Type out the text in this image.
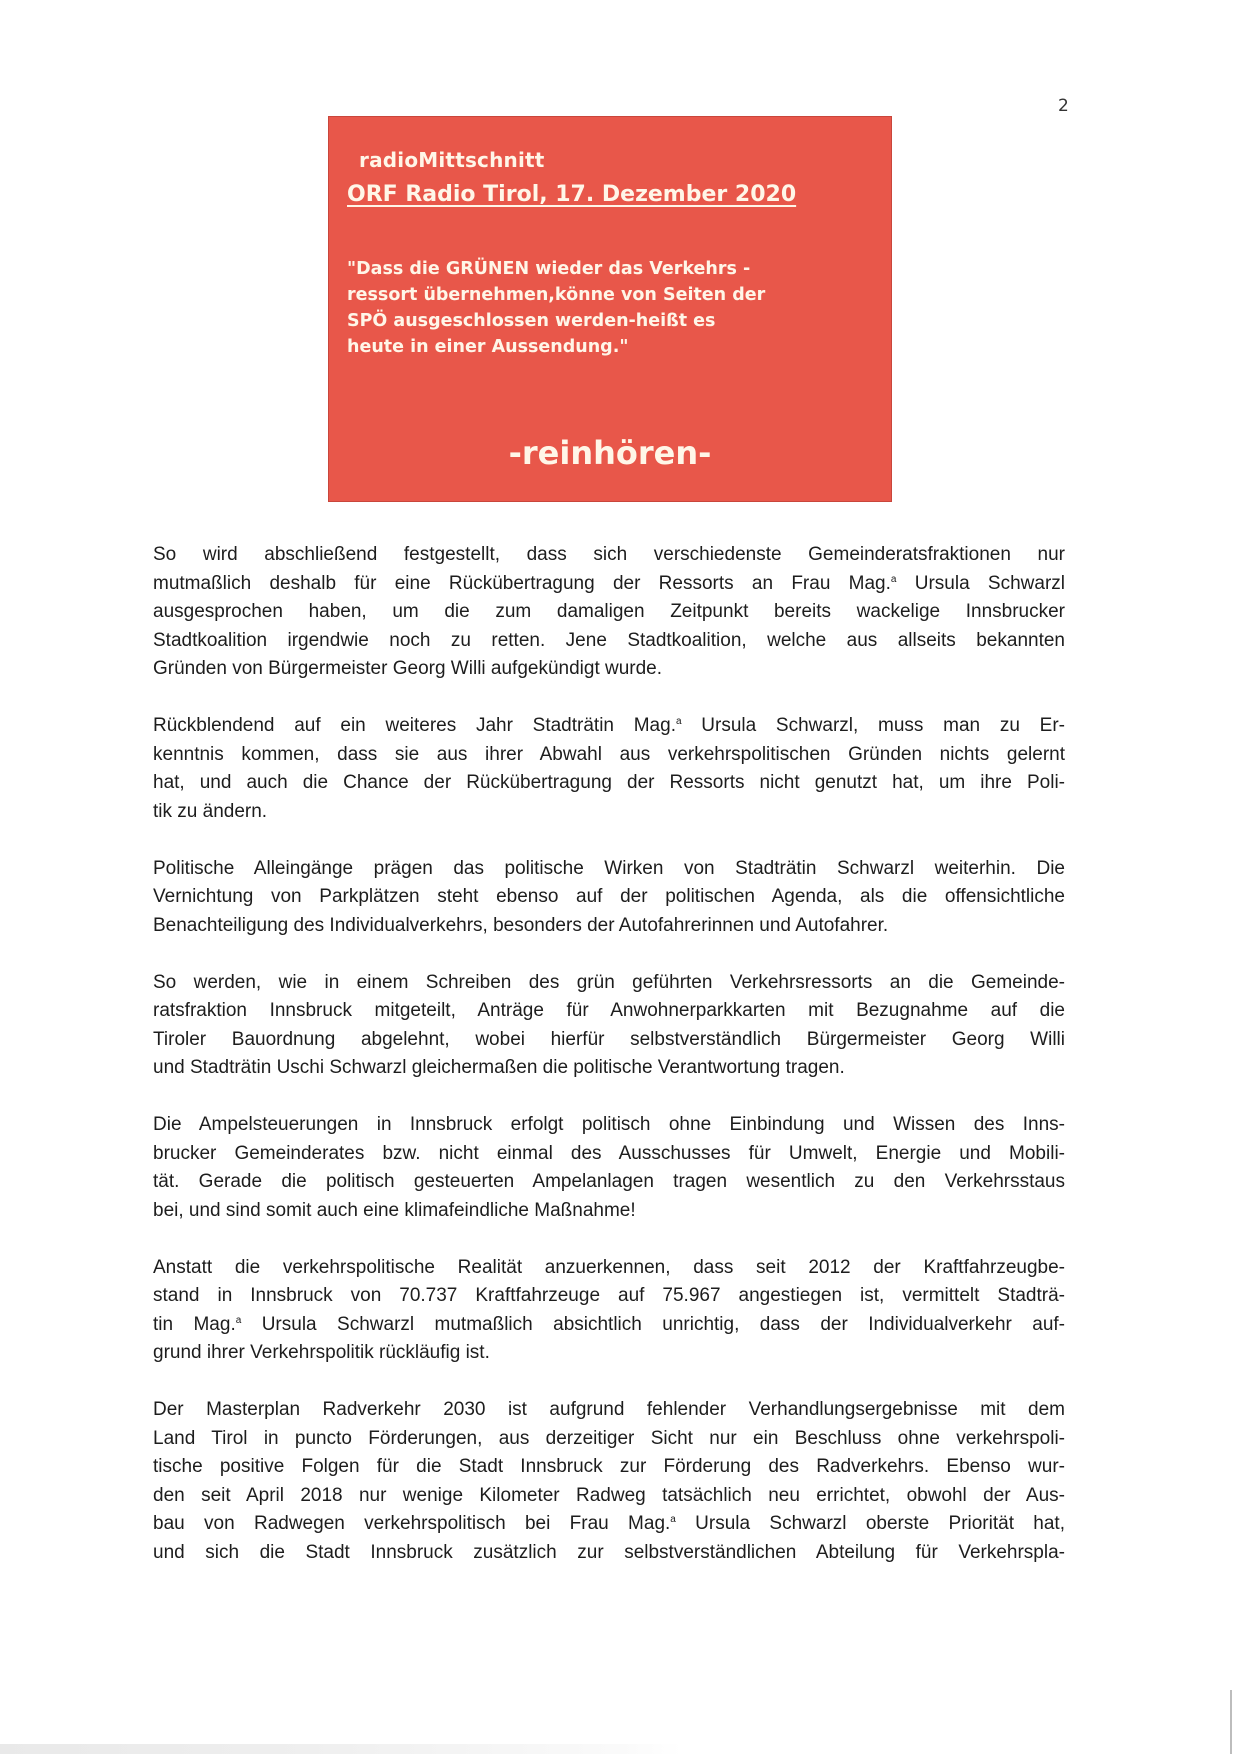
2
radioMittschnitt
ORF Radio Tirol, 17. Dezember 2020
"Dass die GRÜNEN wieder das Verkehrs -
ressort übernehmen,könne von Seiten der
SPÖ ausgeschlossen werden-heißt es
heute in einer Aussendung."
-reinhören-
So wird abschließend festgestellt, dass sich verschiedenste Gemeinderatsfraktionen nur
mutmaßlich deshalb für eine Rückübertragung der Ressorts an Frau Mag.$^a$ Ursula Schwarzl
ausgesprochen haben, um die zum damaligen Zeitpunkt bereits wackelige Innsbrucker
Stadtkoalition irgendwie noch zu retten. Jene Stadtkoalition, welche aus allseits bekannten
Gründen von Bürgermeister Georg Willi aufgekündigt wurde.
Rückblendend auf ein weiteres Jahr Stadträtin Mag.$^a$ Ursula Schwarzl, muss man zu Er-
kenntnis kommen, dass sie aus ihrer Abwahl aus verkehrspolitischen Gründen nichts gelernt
hat, und auch die Chance der Rückübertragung der Ressorts nicht genutzt hat, um ihre Poli-
tik zu ändern.
Politische Alleingänge prägen das politische Wirken von Stadträtin Schwarzl weiterhin. Die
Vernichtung von Parkplätzen steht ebenso auf der politischen Agenda, als die offensichtliche
Benachteiligung des Individualverkehrs, besonders der Autofahrerinnen und Autofahrer.
So werden, wie in einem Schreiben des grün geführten Verkehrsressorts an die Gemeinde-
ratsfraktion Innsbruck mitgeteilt, Anträge für Anwohnerparkkarten mit Bezugnahme auf die
Tiroler Bauordnung abgelehnt, wobei hierfür selbstverständlich Bürgermeister Georg Willi
und Stadträtin Uschi Schwarzl gleichermaßen die politische Verantwortung tragen.
Die Ampelsteuerungen in Innsbruck erfolgt politisch ohne Einbindung und Wissen des Inns-
brucker Gemeinderates bzw. nicht einmal des Ausschusses für Umwelt, Energie und Mobili-
tät. Gerade die politisch gesteuerten Ampelanlagen tragen wesentlich zu den Verkehrsstaus
bei, und sind somit auch eine klimafeindliche Maßnahme!
Anstatt die verkehrspolitische Realität anzuerkennen, dass seit 2012 der Kraftfahrzeugbe-
stand in Innsbruck von 70.737 Kraftfahrzeuge auf 75.967 angestiegen ist, vermittelt Stadträ-
tin Mag.$^a$ Ursula Schwarzl mutmaßlich absichtlich unrichtig, dass der Individualverkehr auf-
grund ihrer Verkehrspolitik rückläufig ist.
Der Masterplan Radverkehr 2030 ist aufgrund fehlender Verhandlungsergebnisse mit dem
Land Tirol in puncto Förderungen, aus derzeitiger Sicht nur ein Beschluss ohne verkehrspoli-
tische positive Folgen für die Stadt Innsbruck zur Förderung des Radverkehrs. Ebenso wur-
den seit April 2018 nur wenige Kilometer Radweg tatsächlich neu errichtet, obwohl der Aus-
bau von Radwegen verkehrspolitisch bei Frau Mag.$^a$ Ursula Schwarzl oberste Priorität hat,
und sich die Stadt Innsbruck zusätzlich zur selbstverständlichen Abteilung für Verkehrspla-
